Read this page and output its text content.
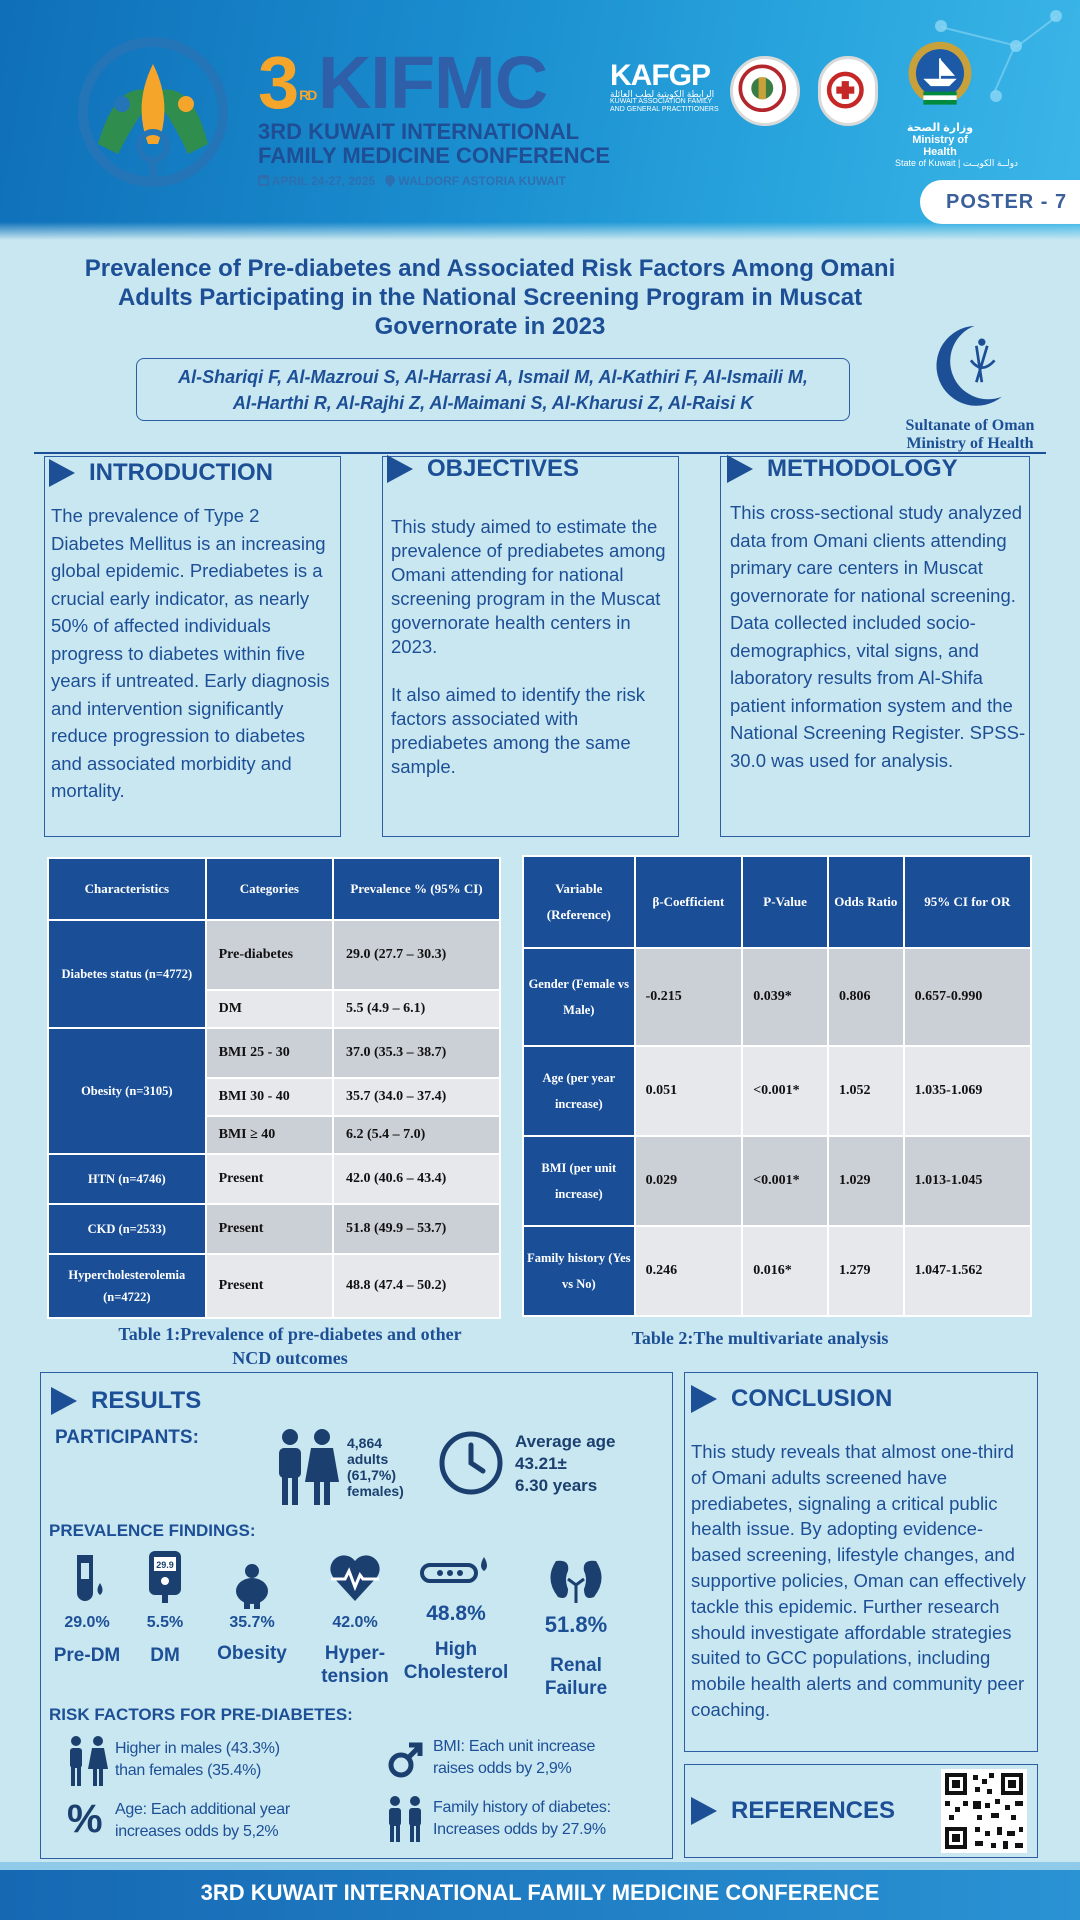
3 $^{RD}$ KIFMC
3RD KUWAIT INTERNATIONAL
FAMILY MEDICINE CONFERENCE
APRIL 24-27, 2025 WALDORF ASTORIA KUWAIT
KAFGP
الرابطة الكويتية لطب العائلة
KUWAIT ASSOCIATION FAMILY
AND GENERAL PRACTITIONERS
وزارة الصحة
Ministry of Health
State of Kuwait | دولــة الكويــت
POSTER - 7
Prevalence of Pre-diabetes and Associated Risk Factors Among Omani Adults Participating in the National Screening Program in Muscat Governorate in 2023
Al-Shariqi F, Al-Mazroui S, Al-Harrasi A, Ismail M, Al-Kathiri F, Al-Ismaili M,
Al-Harthi R, Al-Rajhi Z, Al-Maimani S, Al-Kharusi Z, Al-Raisi K
Sultanate of Oman
Ministry of Health
INTRODUCTION
The prevalence of Type 2 Diabetes Mellitus is an increasing global epidemic. Prediabetes is a crucial early indicator, as nearly 50% of affected individuals progress to diabetes within five years if untreated. Early diagnosis and intervention significantly reduce progression to diabetes and associated morbidity and mortality.
OBJECTIVES
This study aimed to estimate the prevalence of prediabetes among Omani attending for national screening program in the Muscat governorate health centers in 2023.
It also aimed to identify the risk factors associated with prediabetes among the same sample.
METHODOLOGY
This cross-sectional study analyzed data from Omani clients attending primary care centers in Muscat governorate for national screening. Data collected included socio-demographics, vital signs, and laboratory results from Al-Shifa patient information system and the National Screening Register. SPSS-30.0 was used for analysis.
Characteristics	Categories	Prevalence % (95% CI)
Diabetes status (n=4772)	Pre-diabetes	29.0 (27.7 – 30.3)
	DM	5.5 (4.9 – 6.1)
Obesity (n=3105)	BMI 25 - 30	37.0 (35.3 – 38.7)
	BMI 30 - 40	35.7 (34.0 – 37.4)
	BMI ≥ 40	6.2 (5.4 – 7.0)
HTN (n=4746)	Present	42.0 (40.6 – 43.4)
CKD (n=2533)	Present	51.8 (49.9 – 53.7)
Hypercholesterolemia (n=4722)	Present	48.8 (47.4 – 50.2)
Table 1:Prevalence of pre-diabetes and other
NCD outcomes
Variable (Reference)	β-Coefficient	P-Value	Odds Ratio	95% CI for OR
Gender (Female vs Male)	-0.215	0.039*	0.806	0.657-0.990
Age (per year increase)	0.051	<0.001*	1.052	1.035-1.069
BMI (per unit increase)	0.029	<0.001*	1.029	1.013-1.045
Family history (Yes vs No)	0.246	0.016*	1.279	1.047-1.562
Table 2:The multivariate analysis
RESULTS
PARTICIPANTS:	4,864
adults
(61,7%)
females)
Average age
43.21±
6.30 years
PREVALENCE FINDINGS:
29.0%
Pre-DM
29.9
5.5%
DM
35.7%
Obesity
42.0%
Hyper-
tension
48.8%
High
Cholesterol
51.8%
Renal
Failure
RISK FACTORS FOR PRE-DIABETES:
Higher in males (43.3%)
than females (35.4%)
BMI: Each unit increase
raises odds by 2,9%
% Age: Each additional year
increases odds by 5,2%
Family history of diabetes:
Increases odds by 27.9%
CONCLUSION
This study reveals that almost one-third of Omani adults screened have prediabetes, signaling a critical public health issue. By adopting evidence-based screening, lifestyle changes, and supportive policies, Oman can effectively tackle this epidemic. Further research should investigate affordable strategies suited to GCC populations, including mobile health alerts and community peer coaching.
REFERENCES
3RD KUWAIT INTERNATIONAL FAMILY MEDICINE CONFERENCE
